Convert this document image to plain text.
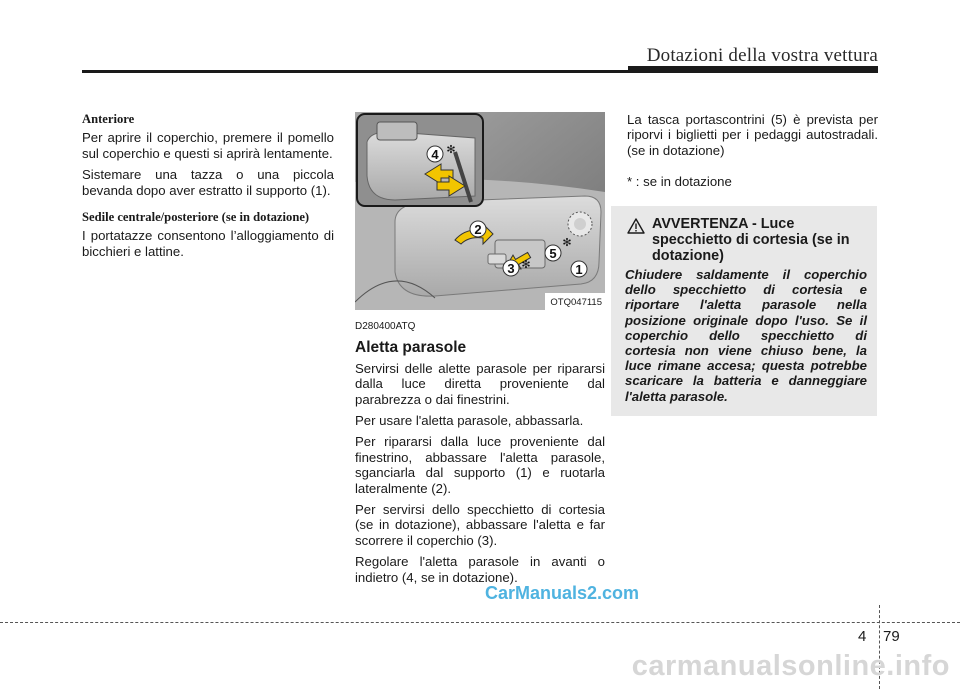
Dotazioni della vostra vettura
Anteriore

Per aprire il coperchio, premere il pomello sul coperchio e questi si aprirà lentamente.

Sistemare una tazza o una piccola bevanda dopo aver estratto il supporto (1).

Sedile centrale/posteriore (se in dotazione)

I portatazze consentono l’alloggiamento di bicchieri e lattine.

4 ✻
2
3 ✻
5
✻
1
OTQ047115
D280400ATQ
Aletta parasole

Servirsi delle alette parasole per ripararsi dalla luce diretta proveniente dal parabrezza o dai finestrini.

Per usare l'aletta parasole, abbassarla.

Per ripararsi dalla luce proveniente dal finestrino, abbassare l'aletta parasole, sganciarla dal supporto (1) e ruotarla lateralmente (2).

Per servirsi dello specchietto di cortesia (se in dotazione), abbassare l'aletta e far scorrere il coperchio (3).

Regolare l'aletta parasole in avanti o indietro (4, se in dotazione).

La tasca portascontrini (5) è prevista per riporvi i biglietti per i pedaggi autostradali. (se in dotazione)

* : se in dotazione

AVVERTENZA - Luce specchietto di cortesia (se in dotazione)

Chiudere saldamente il coperchio dello specchietto di cortesia e riportare l'aletta parasole nella posizione originale dopo l'uso. Se il coperchio dello specchietto di cortesia non viene chiuso bene, la luce rimane accesa; questa potrebbe scaricare la batteria e danneggiare l'aletta parasole.

CarManuals2.com
4 79
carmanualsonline.info
